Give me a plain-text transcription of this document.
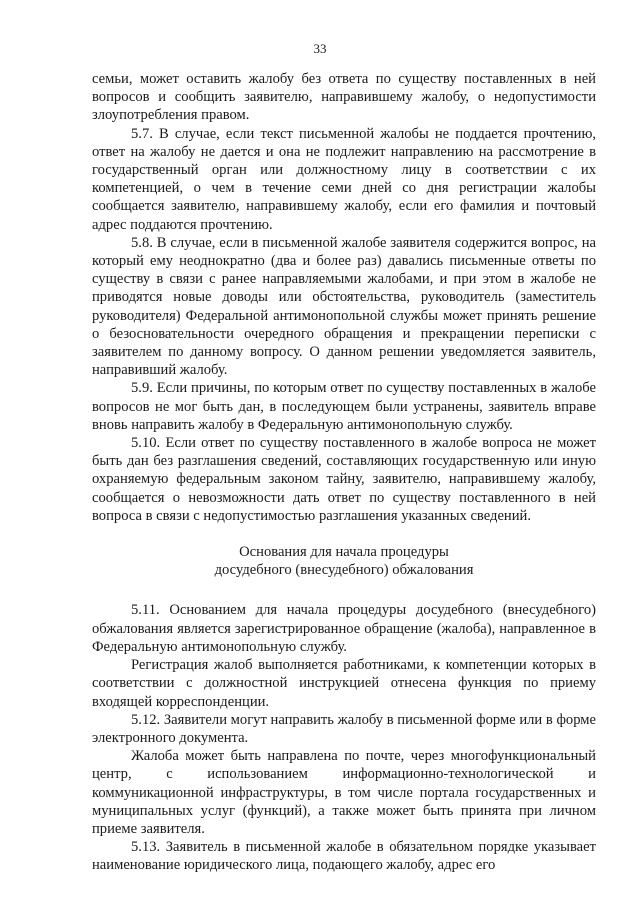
33

семьи, может оставить жалобу без ответа по существу поставленных в ней вопросов и сообщить заявителю, направившему жалобу, о недопустимости злоупотребления правом.

5.7. В случае, если текст письменной жалобы не поддается прочтению, ответ на жалобу не дается и она не подлежит направлению на рассмотрение в государственный орган или должностному лицу в соответствии с их компетенцией, о чем в течение семи дней со дня регистрации жалобы сообщается заявителю, направившему жалобу, если его фамилия и почтовый адрес поддаются прочтению.

5.8. В случае, если в письменной жалобе заявителя содержится вопрос, на который ему неоднократно (два и более раз) давались письменные ответы по существу в связи с ранее направляемыми жалобами, и при этом в жалобе не приводятся новые доводы или обстоятельства, руководитель (заместитель руководителя) Федеральной антимонопольной службы может принять решение о безосновательности очередного обращения и прекращении переписки с заявителем по данному вопросу. О данном решении уведомляется заявитель, направивший жалобу.

5.9. Если причины, по которым ответ по существу поставленных в жалобе вопросов не мог быть дан, в последующем были устранены, заявитель вправе вновь направить жалобу в Федеральную антимонопольную службу.

5.10. Если ответ по существу поставленного в жалобе вопроса не может быть дан без разглашения сведений, составляющих государственную или иную охраняемую федеральным законом тайну, заявителю, направившему жалобу, сообщается о невозможности дать ответ по существу поставленного в ней вопроса в связи с недопустимостью разглашения указанных сведений.

Основания для начала процедуры
досудебного (внесудебного) обжалования

5.11. Основанием для начала процедуры досудебного (внесудебного) обжалования является зарегистрированное обращение (жалоба), направленное в Федеральную антимонопольную службу.

Регистрация жалоб выполняется работниками, к компетенции которых в соответствии с должностной инструкцией отнесена функция по приему входящей корреспонденции.

5.12. Заявители могут направить жалобу в письменной форме или в форме электронного документа.

Жалоба может быть направлена по почте, через многофункциональный центр, с использованием информационно-технологической и коммуникационной инфраструктуры, в том числе портала государственных и муниципальных услуг (функций), а также может быть принята при личном приеме заявителя.

5.13. Заявитель в письменной жалобе в обязательном порядке указывает наименование юридического лица, подающего жалобу, адрес его
